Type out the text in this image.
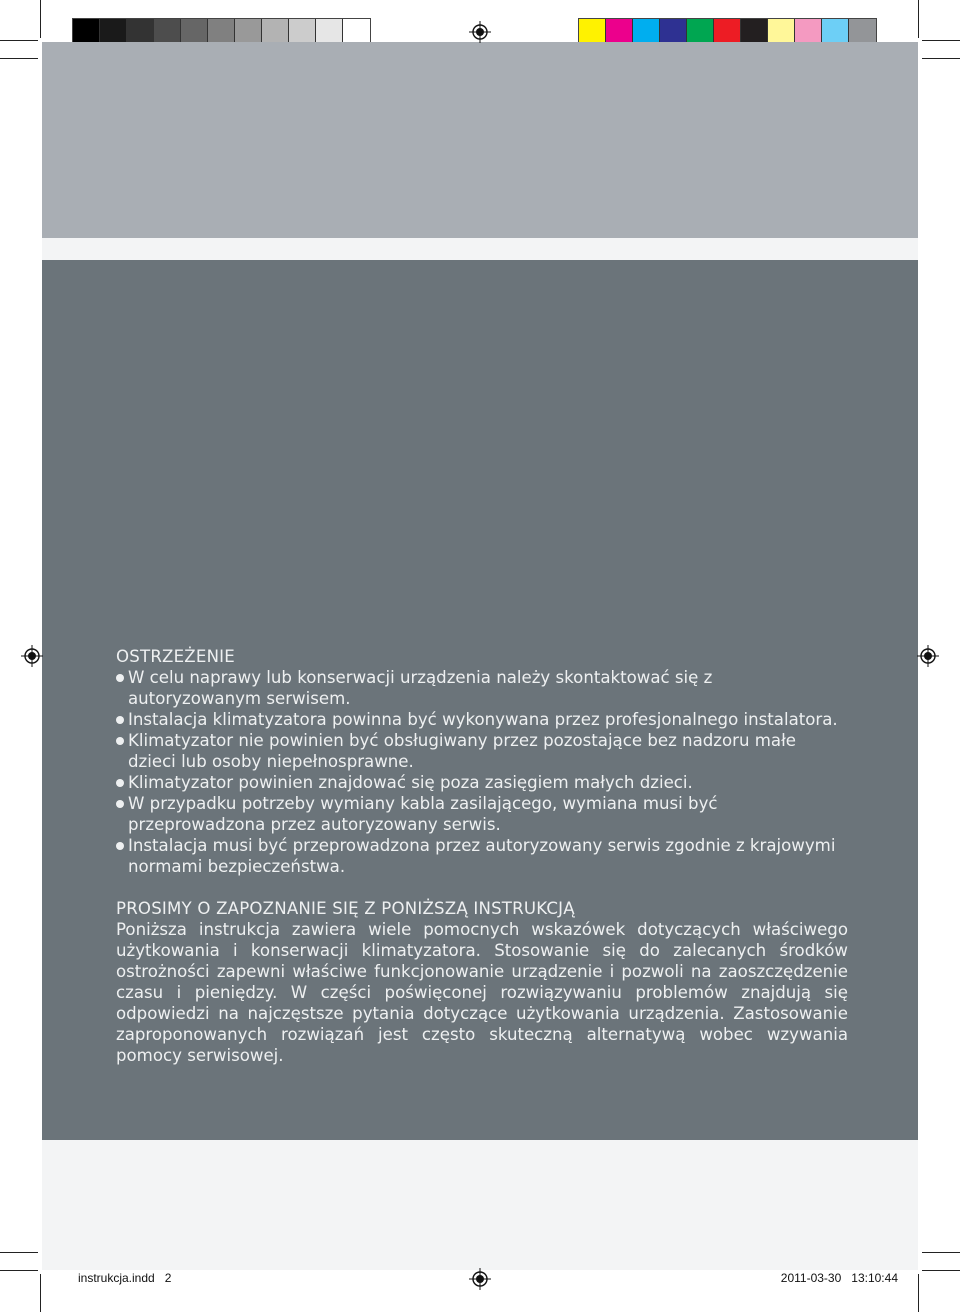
OSTRZEŻENIE
W celu naprawy lub konserwacji urządzenia należy skontaktować się z autoryzowanym serwisem.
Instalacja klimatyzatora powinna być wykonywana przez profesjonalnego instalatora.
Klimatyzator nie powinien być obsługiwany przez pozostające bez nadzoru małe dzieci lub osoby niepełnosprawne.
Klimatyzator powinien znajdować się poza zasięgiem małych dzieci.
W przypadku potrzeby wymiany kabla zasilającego, wymiana musi być przeprowadzona przez autoryzowany serwis.
Instalacja musi być przeprowadzona przez autoryzowany serwis zgodnie z krajowymi normami bezpieczeństwa.
PROSIMY O ZAPOZNANIE SIĘ Z PONIŻSZĄ INSTRUKCJĄ
Poniższa instrukcja zawiera wiele pomocnych wskazówek dotyczących właściwego użytkowania i konserwacji klimatyzatora. Stosowanie się do zalecanych środków ostrożności zapewni właściwe funkcjonowanie urządzenie i pozwoli na zaoszczędzenie czasu i pieniędzy. W części poświęconej rozwiązywaniu problemów znajdują się odpowiedzi na najczęstsze pytania dotyczące użytkowania urządzenia. Zastosowanie zaproponowanych rozwiązań jest często skuteczną alternatywą wobec wzywania pomocy serwisowej.
instrukcja.indd   2	2011-03-30   13:10:44
